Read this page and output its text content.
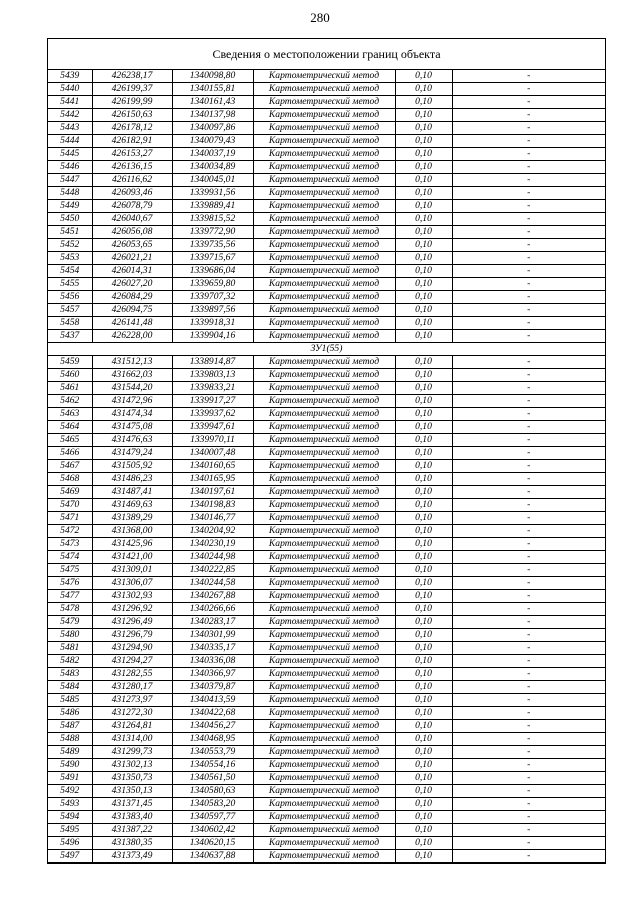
280
Сведения о местоположении границ объекта
5439	426238,17	1340098,80	Картометрический метод	0,10	-
5440	426199,37	1340155,81	Картометрический метод	0,10	-
5441	426199,99	1340161,43	Картометрический метод	0,10	-
5442	426150,63	1340137,98	Картометрический метод	0,10	-
5443	426178,12	1340097,86	Картометрический метод	0,10	-
5444	426182,91	1340079,43	Картометрический метод	0,10	-
5445	426153,27	1340037,19	Картометрический метод	0,10	-
5446	426136,15	1340034,89	Картометрический метод	0,10	-
5447	426116,62	1340045,01	Картометрический метод	0,10	-
5448	426093,46	1339931,56	Картометрический метод	0,10	-
5449	426078,79	1339889,41	Картометрический метод	0,10	-
5450	426040,67	1339815,52	Картометрический метод	0,10	-
5451	426056,08	1339772,90	Картометрический метод	0,10	-
5452	426053,65	1339735,56	Картометрический метод	0,10	-
5453	426021,21	1339715,67	Картометрический метод	0,10	-
5454	426014,31	1339686,04	Картометрический метод	0,10	-
5455	426027,20	1339659,80	Картометрический метод	0,10	-
5456	426084,29	1339707,32	Картометрический метод	0,10	-
5457	426094,75	1339897,56	Картометрический метод	0,10	-
5458	426141,48	1339918,31	Картометрический метод	0,10	-
5437	426228,00	1339904,16	Картометрический метод	0,10	-
ЗУ1(55)					
5459	431512,13	1338914,87	Картометрический метод	0,10	-
5460	431662,03	1339803,13	Картометрический метод	0,10	-
5461	431544,20	1339833,21	Картометрический метод	0,10	-
5462	431472,96	1339917,27	Картометрический метод	0,10	-
5463	431474,34	1339937,62	Картометрический метод	0,10	-
5464	431475,08	1339947,61	Картометрический метод	0,10	-
5465	431476,63	1339970,11	Картометрический метод	0,10	-
5466	431479,24	1340007,48	Картометрический метод	0,10	-
5467	431505,92	1340160,65	Картометрический метод	0,10	-
5468	431486,23	1340165,95	Картометрический метод	0,10	-
5469	431487,41	1340197,61	Картометрический метод	0,10	-
5470	431469,63	1340198,83	Картометрический метод	0,10	-
5471	431389,29	1340146,77	Картометрический метод	0,10	-
5472	431368,00	1340204,92	Картометрический метод	0,10	-
5473	431425,96	1340230,19	Картометрический метод	0,10	-
5474	431421,00	1340244,98	Картометрический метод	0,10	-
5475	431309,01	1340222,85	Картометрический метод	0,10	-
5476	431306,07	1340244,58	Картометрический метод	0,10	-
5477	431302,93	1340267,88	Картометрический метод	0,10	-
5478	431296,92	1340266,66	Картометрический метод	0,10	-
5479	431296,49	1340283,17	Картометрический метод	0,10	-
5480	431296,79	1340301,99	Картометрический метод	0,10	-
5481	431294,90	1340335,17	Картометрический метод	0,10	-
5482	431294,27	1340336,08	Картометрический метод	0,10	-
5483	431282,55	1340366,97	Картометрический метод	0,10	-
5484	431280,17	1340379,87	Картометрический метод	0,10	-
5485	431273,97	1340413,59	Картометрический метод	0,10	-
5486	431272,30	1340422,68	Картометрический метод	0,10	-
5487	431264,81	1340456,27	Картометрический метод	0,10	-
5488	431314,00	1340468,95	Картометрический метод	0,10	-
5489	431299,73	1340553,79	Картометрический метод	0,10	-
5490	431302,13	1340554,16	Картометрический метод	0,10	-
5491	431350,73	1340561,50	Картометрический метод	0,10	-
5492	431350,13	1340580,63	Картометрический метод	0,10	-
5493	431371,45	1340583,20	Картометрический метод	0,10	-
5494	431383,40	1340597,77	Картометрический метод	0,10	-
5495	431387,22	1340602,42	Картометрический метод	0,10	-
5496	431380,35	1340620,15	Картометрический метод	0,10	-
5497	431373,49	1340637,88	Картометрический метод	0,10	-
